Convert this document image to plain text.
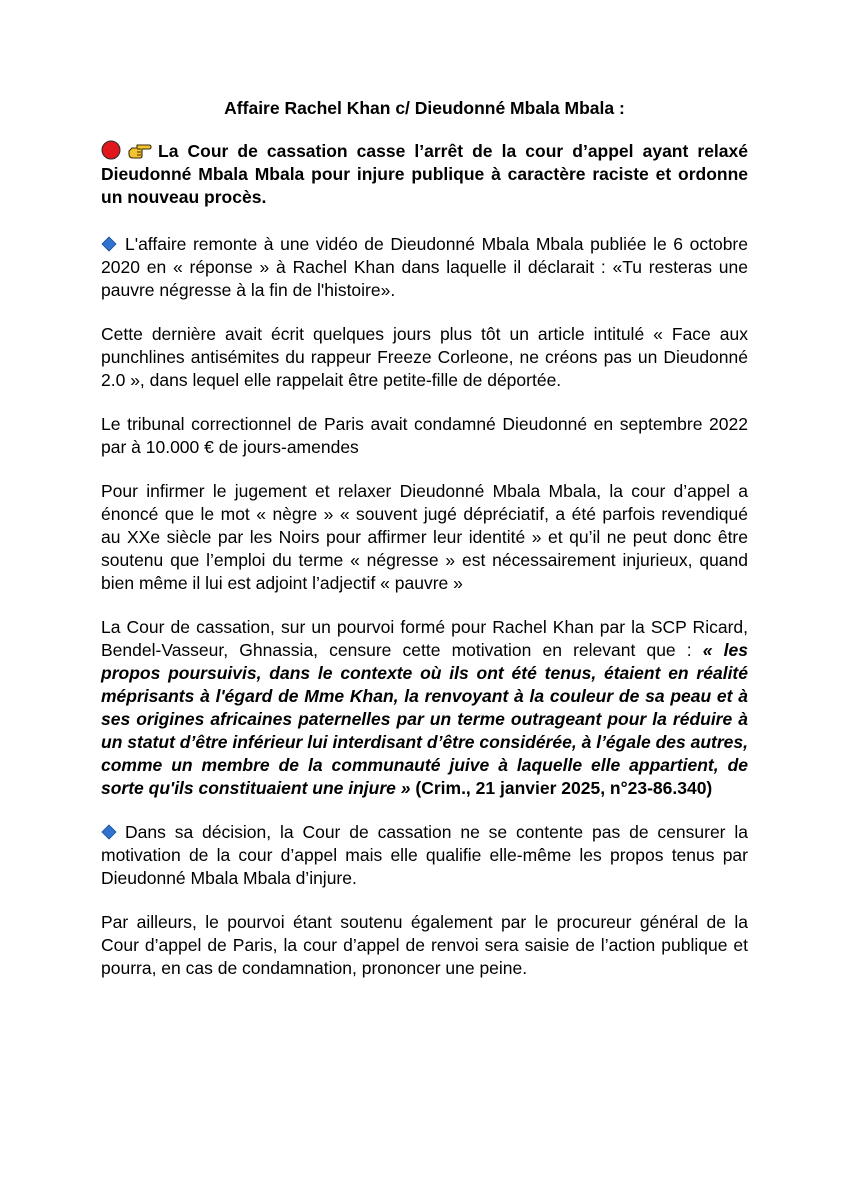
Affaire Rachel Khan c/ Dieudonné Mbala Mbala :

La Cour de cassation casse l’arrêt de la cour d’appel ayant relaxé Dieudonné Mbala Mbala pour injure publique à caractère raciste et ordonne un nouveau procès.

L'affaire remonte à une vidéo de Dieudonné Mbala Mbala publiée le 6 octobre 2020 en « réponse » à Rachel Khan dans laquelle il déclarait : «Tu resteras une pauvre négresse à la fin de l'histoire».

Cette dernière avait écrit quelques jours plus tôt un article intitulé « Face aux punchlines antisémites du rappeur Freeze Corleone, ne créons pas un Dieudonné 2.0 », dans lequel elle rappelait être petite-fille de déportée.

Le tribunal correctionnel de Paris avait condamné Dieudonné en septembre 2022 par à 10.000 € de jours-amendes

Pour infirmer le jugement et relaxer Dieudonné Mbala Mbala, la cour d’appel a énoncé que le mot « nègre » « souvent jugé dépréciatif, a été parfois revendiqué au XXe siècle par les Noirs pour affirmer leur identité » et qu’il ne peut donc être soutenu que l’emploi du terme « négresse » est nécessairement injurieux, quand bien même il lui est adjoint l’adjectif « pauvre »

La Cour de cassation, sur un pourvoi formé pour Rachel Khan par la SCP Ricard, Bendel-Vasseur, Ghnassia, censure cette motivation en relevant que : « les propos poursuivis, dans le contexte où ils ont été tenus, étaient en réalité méprisants à l'égard de Mme Khan, la renvoyant à la couleur de sa peau et à ses origines africaines paternelles par un terme outrageant pour la réduire à un statut d’être inférieur lui interdisant d’être considérée, à l’égale des autres, comme un membre de la communauté juive à laquelle elle appartient, de sorte qu'ils constituaient une injure » (Crim., 21 janvier 2025, n°23-86.340)

Dans sa décision, la Cour de cassation ne se contente pas de censurer la motivation de la cour d’appel mais elle qualifie elle-même les propos tenus par Dieudonné Mbala Mbala d’injure.

Par ailleurs, le pourvoi étant soutenu également par le procureur général de la Cour d’appel de Paris, la cour d’appel de renvoi sera saisie de l’action publique et pourra, en cas de condamnation, prononcer une peine.
